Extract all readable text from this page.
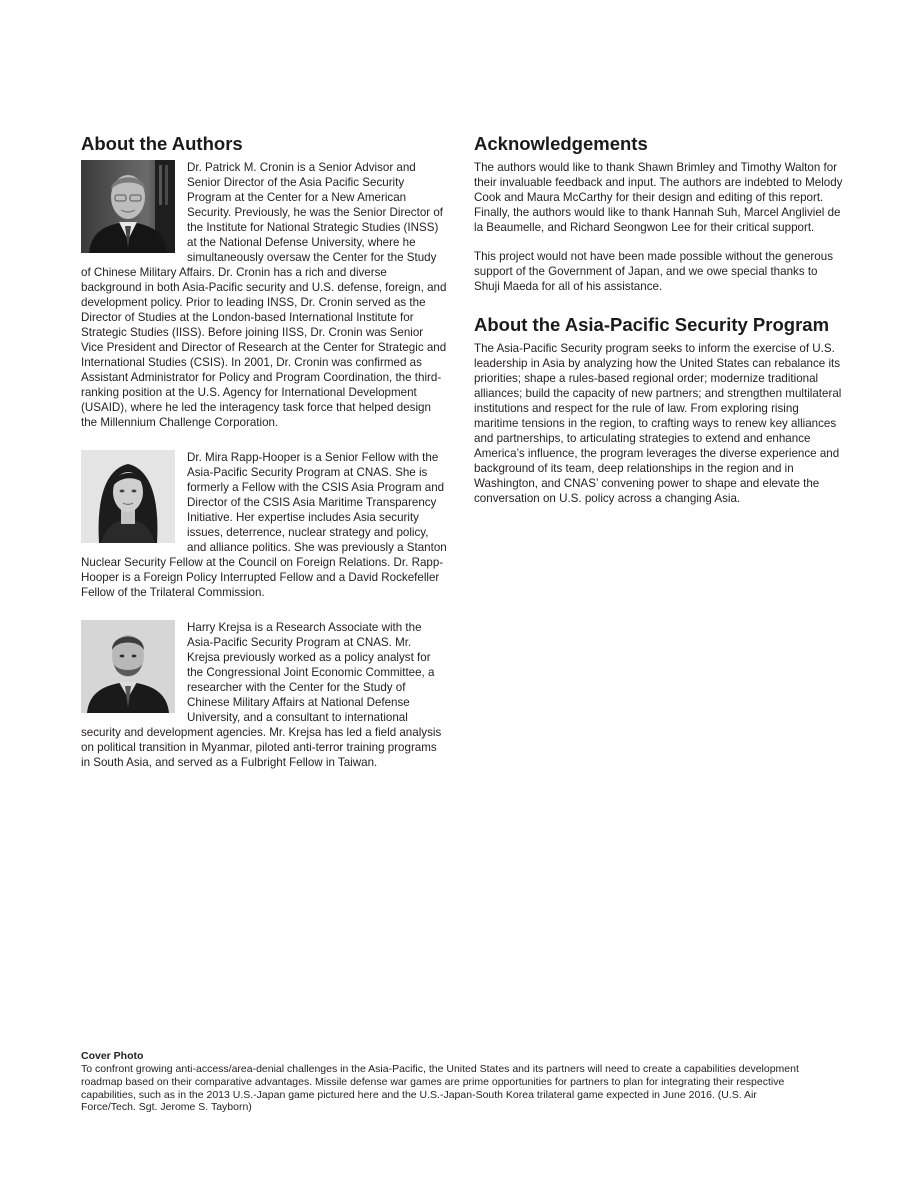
About the Authors

Dr. Patrick M. Cronin is a Senior Advisor and Senior Director of the Asia Pacific Security Program at the Center for a New American Security. Previously, he was the Senior Director of the Institute for National Strategic Studies (INSS) at the National Defense University, where he simultaneously oversaw the Center for the Study of Chinese Military Affairs. Dr. Cronin has a rich and diverse background in both Asia-Pacific security and U.S. defense, foreign, and development policy. Prior to leading INSS, Dr. Cronin served as the Director of Studies at the London-based International Institute for Strategic Studies (IISS). Before joining IISS, Dr. Cronin was Senior Vice President and Director of Research at the Center for Strategic and International Studies (CSIS). In 2001, Dr. Cronin was confirmed as Assistant Administrator for Policy and Program Coordination, the third-ranking position at the U.S. Agency for International Development (USAID), where he led the interagency task force that helped design the Millennium Challenge Corporation.

Dr. Mira Rapp-Hooper is a Senior Fellow with the Asia-Pacific Security Program at CNAS. She is formerly a Fellow with the CSIS Asia Program and Director of the CSIS Asia Maritime Transparency Initiative. Her expertise includes Asia security issues, deterrence, nuclear strategy and policy, and alliance politics. She was previously a Stanton Nuclear Security Fellow at the Council on Foreign Relations. Dr. Rapp-Hooper is a Foreign Policy Interrupted Fellow and a David Rockefeller Fellow of the Trilateral Commission.

Harry Krejsa is a Research Associate with the Asia-Pacific Security Program at CNAS. Mr. Krejsa previously worked as a policy analyst for the Congressional Joint Economic Committee, a researcher with the Center for the Study of Chinese Military Affairs at National Defense University, and a consultant to international security and development agencies. Mr. Krejsa has led a field analysis on political transition in Myanmar, piloted anti-terror training programs in South Asia, and served as a Fulbright Fellow in Taiwan.

Acknowledgements

The authors would like to thank Shawn Brimley and Timothy Walton for their invaluable feedback and input. The authors are indebted to Melody Cook and Maura McCarthy for their design and editing of this report. Finally, the authors would like to thank Hannah Suh, Marcel Angliviel de la Beaumelle, and Richard Seongwon Lee for their critical support.

This project would not have been made possible without the generous support of the Government of Japan, and we owe special thanks to Shuji Maeda for all of his assistance.

About the Asia-Pacific Security Program

The Asia-Pacific Security program seeks to inform the exercise of U.S. leadership in Asia by analyzing how the United States can rebalance its priorities; shape a rules-based regional order; modernize traditional alliances; build the capacity of new partners; and strengthen multilateral institutions and respect for the rule of law. From exploring rising maritime tensions in the region, to crafting ways to renew key alliances and partnerships, to articulating strategies to extend and enhance America’s influence, the program leverages the diverse experience and background of its team, deep relationships in the region and in Washington, and CNAS’ convening power to shape and elevate the conversation on U.S. policy across a changing Asia.

Cover Photo

To confront growing anti-access/area-denial challenges in the Asia-Pacific, the United States and its partners will need to create a capabilities development roadmap based on their comparative advantages. Missile defense war games are prime opportunities for partners to plan for integrating their respective capabilities, such as in the 2013 U.S.-Japan game pictured here and the U.S.-Japan-South Korea trilateral game expected in June 2016. (U.S. Air Force/Tech. Sgt. Jerome S. Tayborn)
